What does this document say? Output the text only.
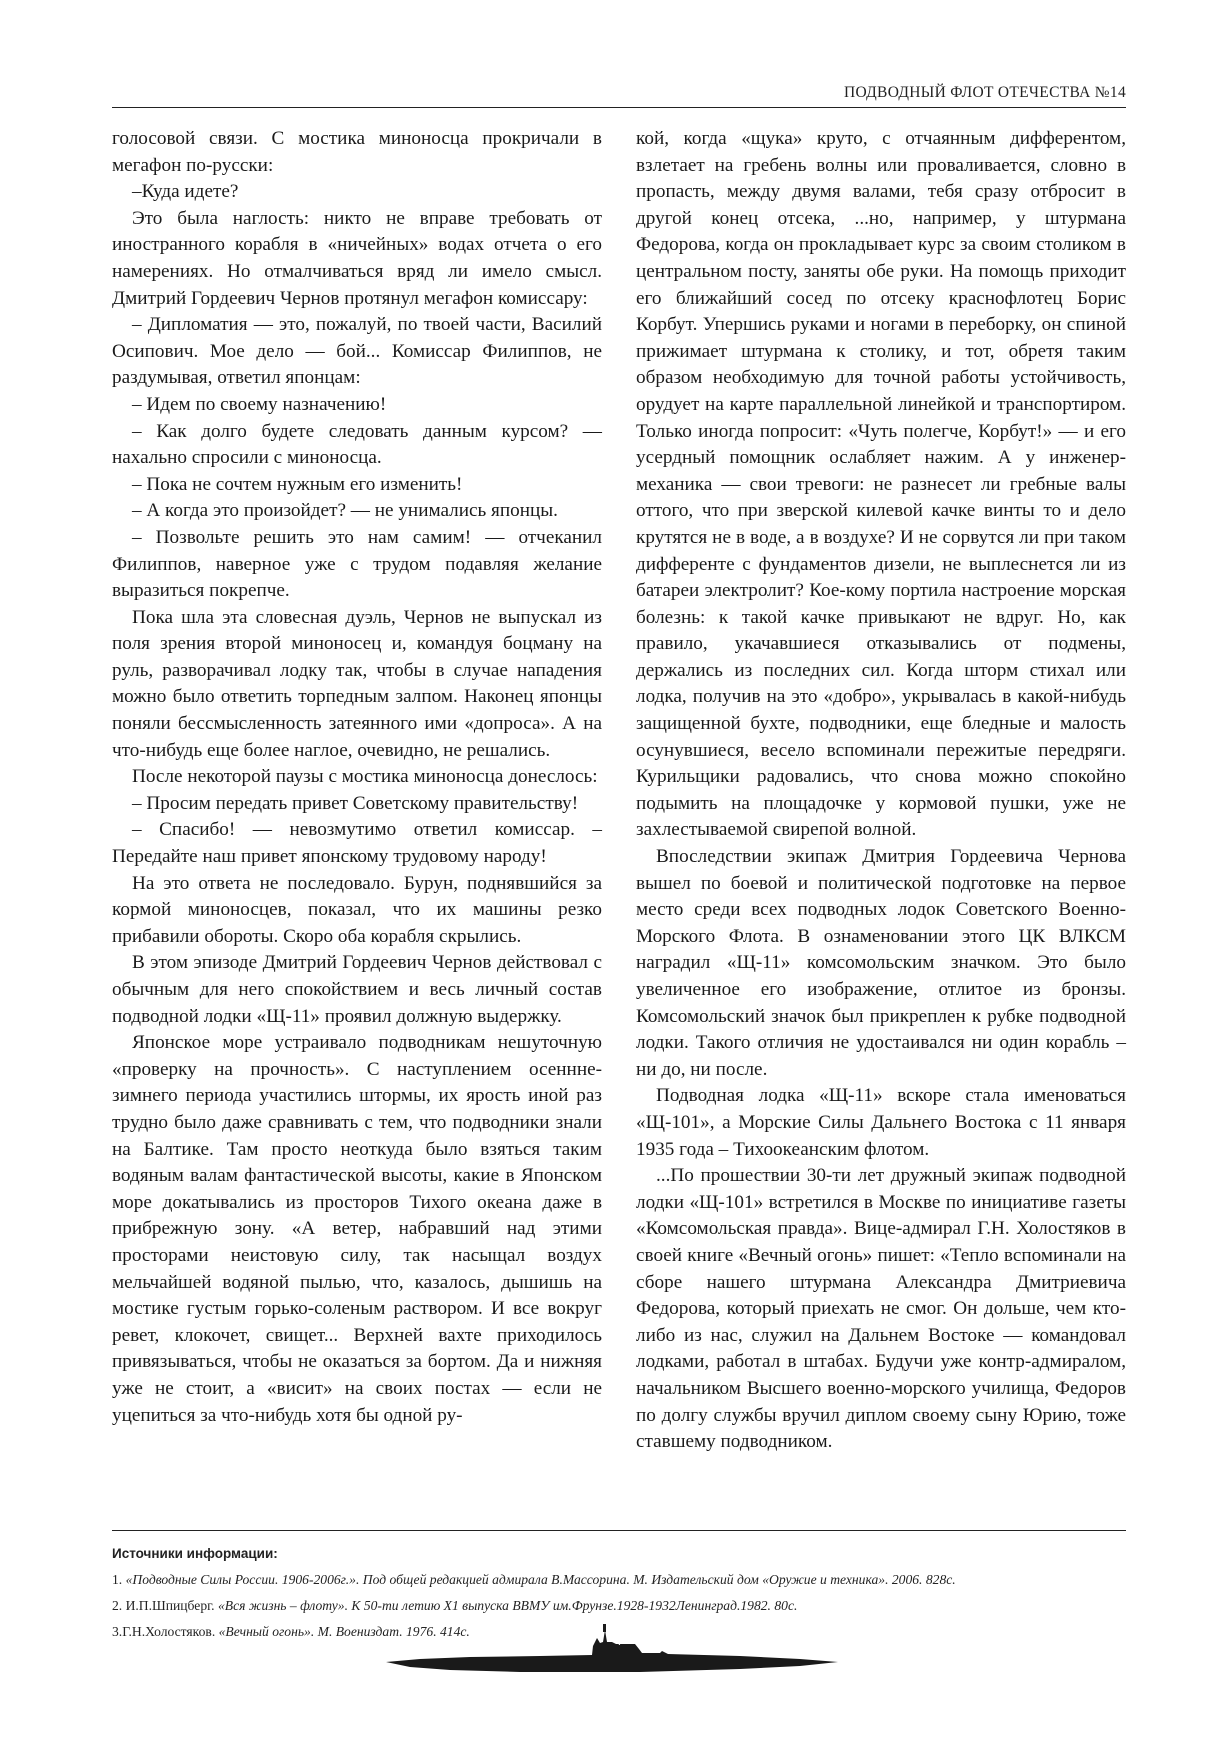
ПОДВОДНЫЙ ФЛОТ ОТЕЧЕСТВА №14

голосовой связи. С мостика миноносца прокричали в мегафон по-русски:

–Куда идете?

Это была наглость: никто не вправе требовать от иностранного корабля в «ничейных» водах отчета о его намерениях. Но отмалчиваться вряд ли имело смысл. Дмитрий Гордеевич Чернов протянул мегафон комиссару:

– Дипломатия — это, пожалуй, по твоей части, Василий Осипович. Мое дело — бой... Комиссар Филиппов, не раздумывая, ответил японцам:

– Идем по своему назначению!

– Как долго будете следовать данным курсом? — нахально спросили с миноносца.

– Пока не сочтем нужным его изменить!

– А когда это произойдет? — не унимались японцы.

– Позвольте решить это нам самим! — отчеканил Филиппов, наверное уже с трудом подавляя желание выразиться покрепче.

Пока шла эта словесная дуэль, Чернов не выпускал из поля зрения второй миноносец и, командуя боцману на руль, разворачивал лодку так, чтобы в случае нападения можно было ответить торпедным залпом. Наконец японцы поняли бессмысленность затеянного ими «допроса». А на что-нибудь еще более наглое, очевидно, не решались.

После некоторой паузы с мостика миноносца донеслось:

– Просим передать привет Советскому правительству!

– Спасибо! — невозмутимо ответил комиссар. – Передайте наш привет японскому трудовому народу!

На это ответа не последовало. Бурун, поднявшийся за кормой миноносцев, показал, что их машины резко прибавили обороты. Скоро оба корабля скрылись.

В этом эпизоде Дмитрий Гордеевич Чернов действовал с обычным для него спокойствием и весь личный состав подводной лодки «Щ-11» проявил должную выдержку.

Японское море устраивало подводникам нешуточную «проверку на прочность». С наступлением осеннне-зимнего периода участились штормы, их ярость иной раз трудно было даже сравнивать с тем, что подводники знали на Балтике. Там просто неоткуда было взяться таким водяным валам фантастической высоты, какие в Японском море докатывались из просторов Тихого океана даже в прибрежную зону. «А ветер, набравший над этими просторами неистовую силу, так насыщал воздух мельчайшей водяной пылью, что, казалось, дышишь на мостике густым горько-соленым раствором. И все вокруг ревет, клокочет, свищет... Верхней вахте приходилось привязываться, чтобы не оказаться за бортом. Да и нижняя уже не стоит, а «висит» на своих постах — если не уцепиться за что-нибудь хотя бы одной ру-

кой, когда «щука» круто, с отчаянным дифферентом, взлетает на гребень волны или проваливается, словно в пропасть, между двумя валами, тебя сразу отбросит в другой конец отсека, ...но, например, у штурмана Федорова, когда он прокладывает курс за своим столиком в центральном посту, заняты обе руки. На помощь приходит его ближайший сосед по отсеку краснофлотец Борис Корбут. Упершись руками и ногами в переборку, он спиной прижимает штурмана к столику, и тот, обретя таким образом необходимую для точной работы устойчивость, орудует на карте параллельной линейкой и транспортиром. Только иногда попросит: «Чуть полегче, Корбут!» — и его усердный помощник ослабляет нажим. А у инженер-механика — свои тревоги: не разнесет ли гребные валы оттого, что при зверской килевой качке винты то и дело крутятся не в воде, а в воздухе? И не сорвутся ли при таком дифференте с фундаментов дизели, не выплеснется ли из батареи электролит? Кое-кому портила настроение морская болезнь: к такой качке привыкают не вдруг. Но, как правило, укачавшиеся отказывались от подмены, держались из последних сил. Когда шторм стихал или лодка, получив на это «добро», укрывалась в какой-нибудь защищенной бухте, подводники, еще бледные и малость осунувшиеся, весело вспоминали пережитые передряги. Курильщики радовались, что снова можно спокойно подымить на площадочке у кормовой пушки, уже не захлестываемой свирепой волной.

Впоследствии экипаж Дмитрия Гордеевича Чернова вышел по боевой и политической подготовке на первое место среди всех подводных лодок Советского Военно-Морского Флота. В ознаменовании этого ЦК ВЛКСМ наградил «Щ-11» комсомольским значком. Это было увеличенное его изображение, отлитое из бронзы. Комсомольский значок был прикреплен к рубке подводной лодки. Такого отличия не удостаивался ни один корабль – ни до, ни после.

Подводная лодка «Щ-11» вскоре стала именоваться «Щ-101», а Морские Силы Дальнего Востока с 11 января 1935 года – Тихоокеанским флотом.

...По прошествии 30-ти лет дружный экипаж подводной лодки «Щ-101» встретился в Москве по инициативе газеты «Комсомольская правда». Вице-адмирал Г.Н. Холостяков в своей книге «Вечный огонь» пишет: «Тепло вспоминали на сборе нашего штурмана Александра Дмитриевича Федорова, который приехать не смог. Он дольше, чем кто-либо из нас, служил на Дальнем Востоке — командовал лодками, работал в штабах. Будучи уже контр-адмиралом, начальником Высшего военно-морского училища, Федоров по долгу службы вручил диплом своему сыну Юрию, тоже ставшему подводником.

Источники информации:
1. «Подводные Силы России. 1906-2006г.». Под общей редакцией адмирала В.Массорина. М. Издательский дом «Оружие и техника». 2006. 828с.
2. И.П.Шпицберг. «Вся жизнь – флоту». К 50-ти летию Х1 выпуска ВВМУ им.Фрунзе.1928-1932Ленинград.1982. 80с.
3.Г.Н.Холостяков. «Вечный огонь». М. Воениздат. 1976. 414с.	7
